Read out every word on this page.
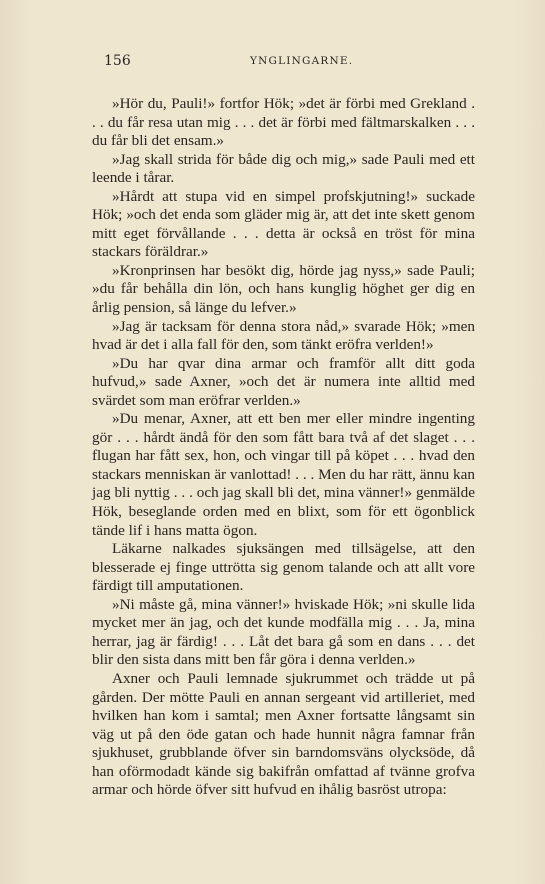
156	YNGLINGARNE.

»Hör du, Pauli!» fortfor Hök; »det är förbi med Grekland . . . du får resa utan mig . . . det är förbi med fältmarskalken . . . du får bli det ensam.»

»Jag skall strida för både dig och mig,» sade Pauli med ett leende i tårar.

»Hårdt att stupa vid en simpel profskjutning!» suckade Hök; »och det enda som gläder mig är, att det inte skett genom mitt eget förvållande . . . detta är också en tröst för mina stackars föräldrar.»

»Kronprinsen har besökt dig, hörde jag nyss,» sade Pauli; »du får behålla din lön, och hans kunglig höghet ger dig en årlig pension, så länge du lefver.»

»Jag är tacksam för denna stora nåd,» svarade Hök; »men hvad är det i alla fall för den, som tänkt eröfra verlden!»

»Du har qvar dina armar och framför allt ditt goda hufvud,» sade Axner, »och det är numera inte alltid med svärdet som man eröfrar verlden.»

»Du menar, Axner, att ett ben mer eller mindre ingenting gör . . . hårdt ändå för den som fått bara två af det slaget . . . flugan har fått sex, hon, och vingar till på köpet . . . hvad den stackars menniskan är vanlottad! . . . Men du har rätt, ännu kan jag bli nyttig . . . och jag skall bli det, mina vänner!» genmälde Hök, beseglande orden med en blixt, som för ett ögonblick tände lif i hans matta ögon.

Läkarne nalkades sjuksängen med tillsägelse, att den blesserade ej finge uttrötta sig genom talande och att allt vore färdigt till amputationen.

»Ni måste gå, mina vänner!» hviskade Hök; »ni skulle lida mycket mer än jag, och det kunde modfälla mig . . . Ja, mina herrar, jag är färdig! . . . Låt det bara gå som en dans . . . det blir den sista dans mitt ben får göra i denna verlden.»

Axner och Pauli lemnade sjukrummet och trädde ut på gården. Der mötte Pauli en annan sergeant vid artilleriet, med hvilken han kom i samtal; men Axner fortsatte långsamt sin väg ut på den öde gatan och hade hunnit några famnar från sjukhuset, grubblande öfver sin barndomsväns olycksöde, då han oförmodadt kände sig bakifrån omfattad af tvänne grofva armar och hörde öfver sitt hufvud en ihålig basröst utropa:
